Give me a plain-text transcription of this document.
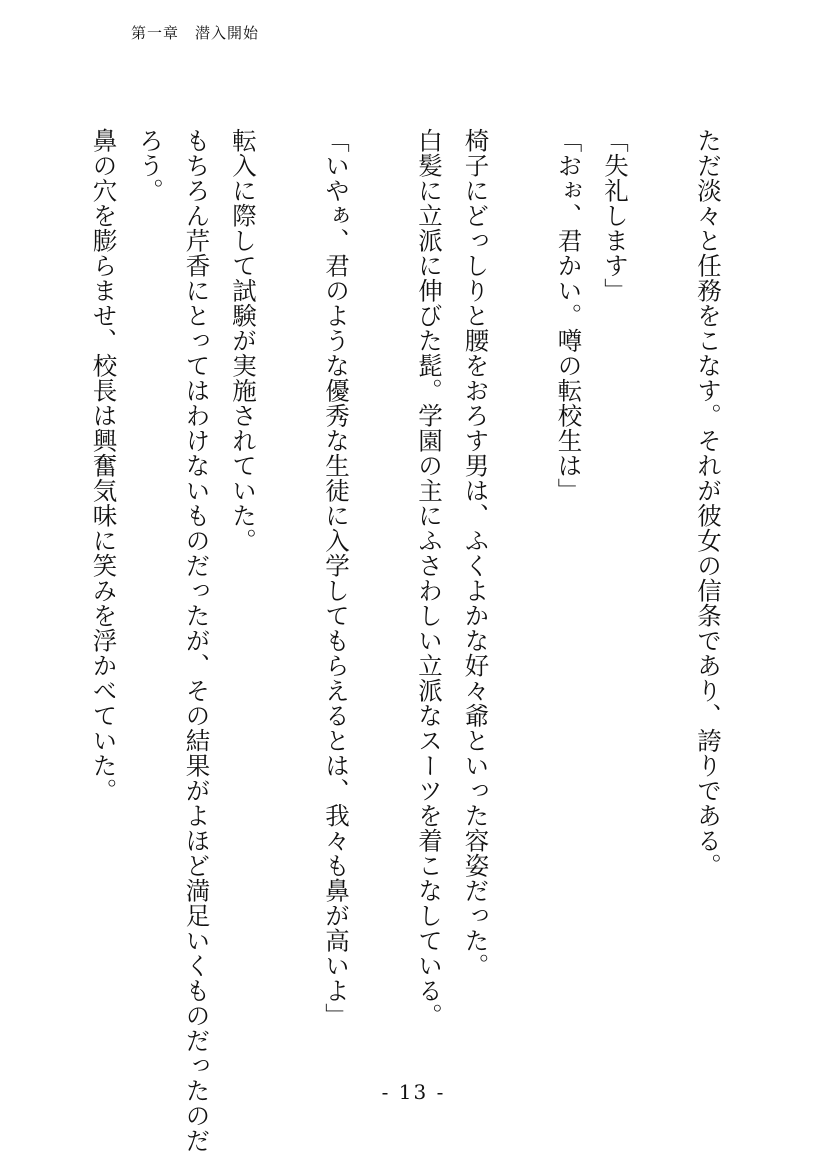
第一章　潜入開始
ただ淡々と任務をこなす。それが彼女の信条であり、誇りである。
「失礼します」
「おぉ、君かい。噂の転校生は」
椅子にどっしりと腰をおろす男は、ふくよかな好々爺といった容姿だった。
白髪に立派に伸びた髭。学園の主にふさわしい立派なスーツを着こなしている。
「いやぁ、君のような優秀な生徒に入学してもらえるとは、我々も鼻が高いよ」
転入に際して試験が実施されていた。
もちろん芹香にとってはわけないものだったが、その結果がよほど満足いくものだったのだ
ろう。
鼻の穴を膨らませ、校長は興奮気味に笑みを浮かべていた。
- 13 -
